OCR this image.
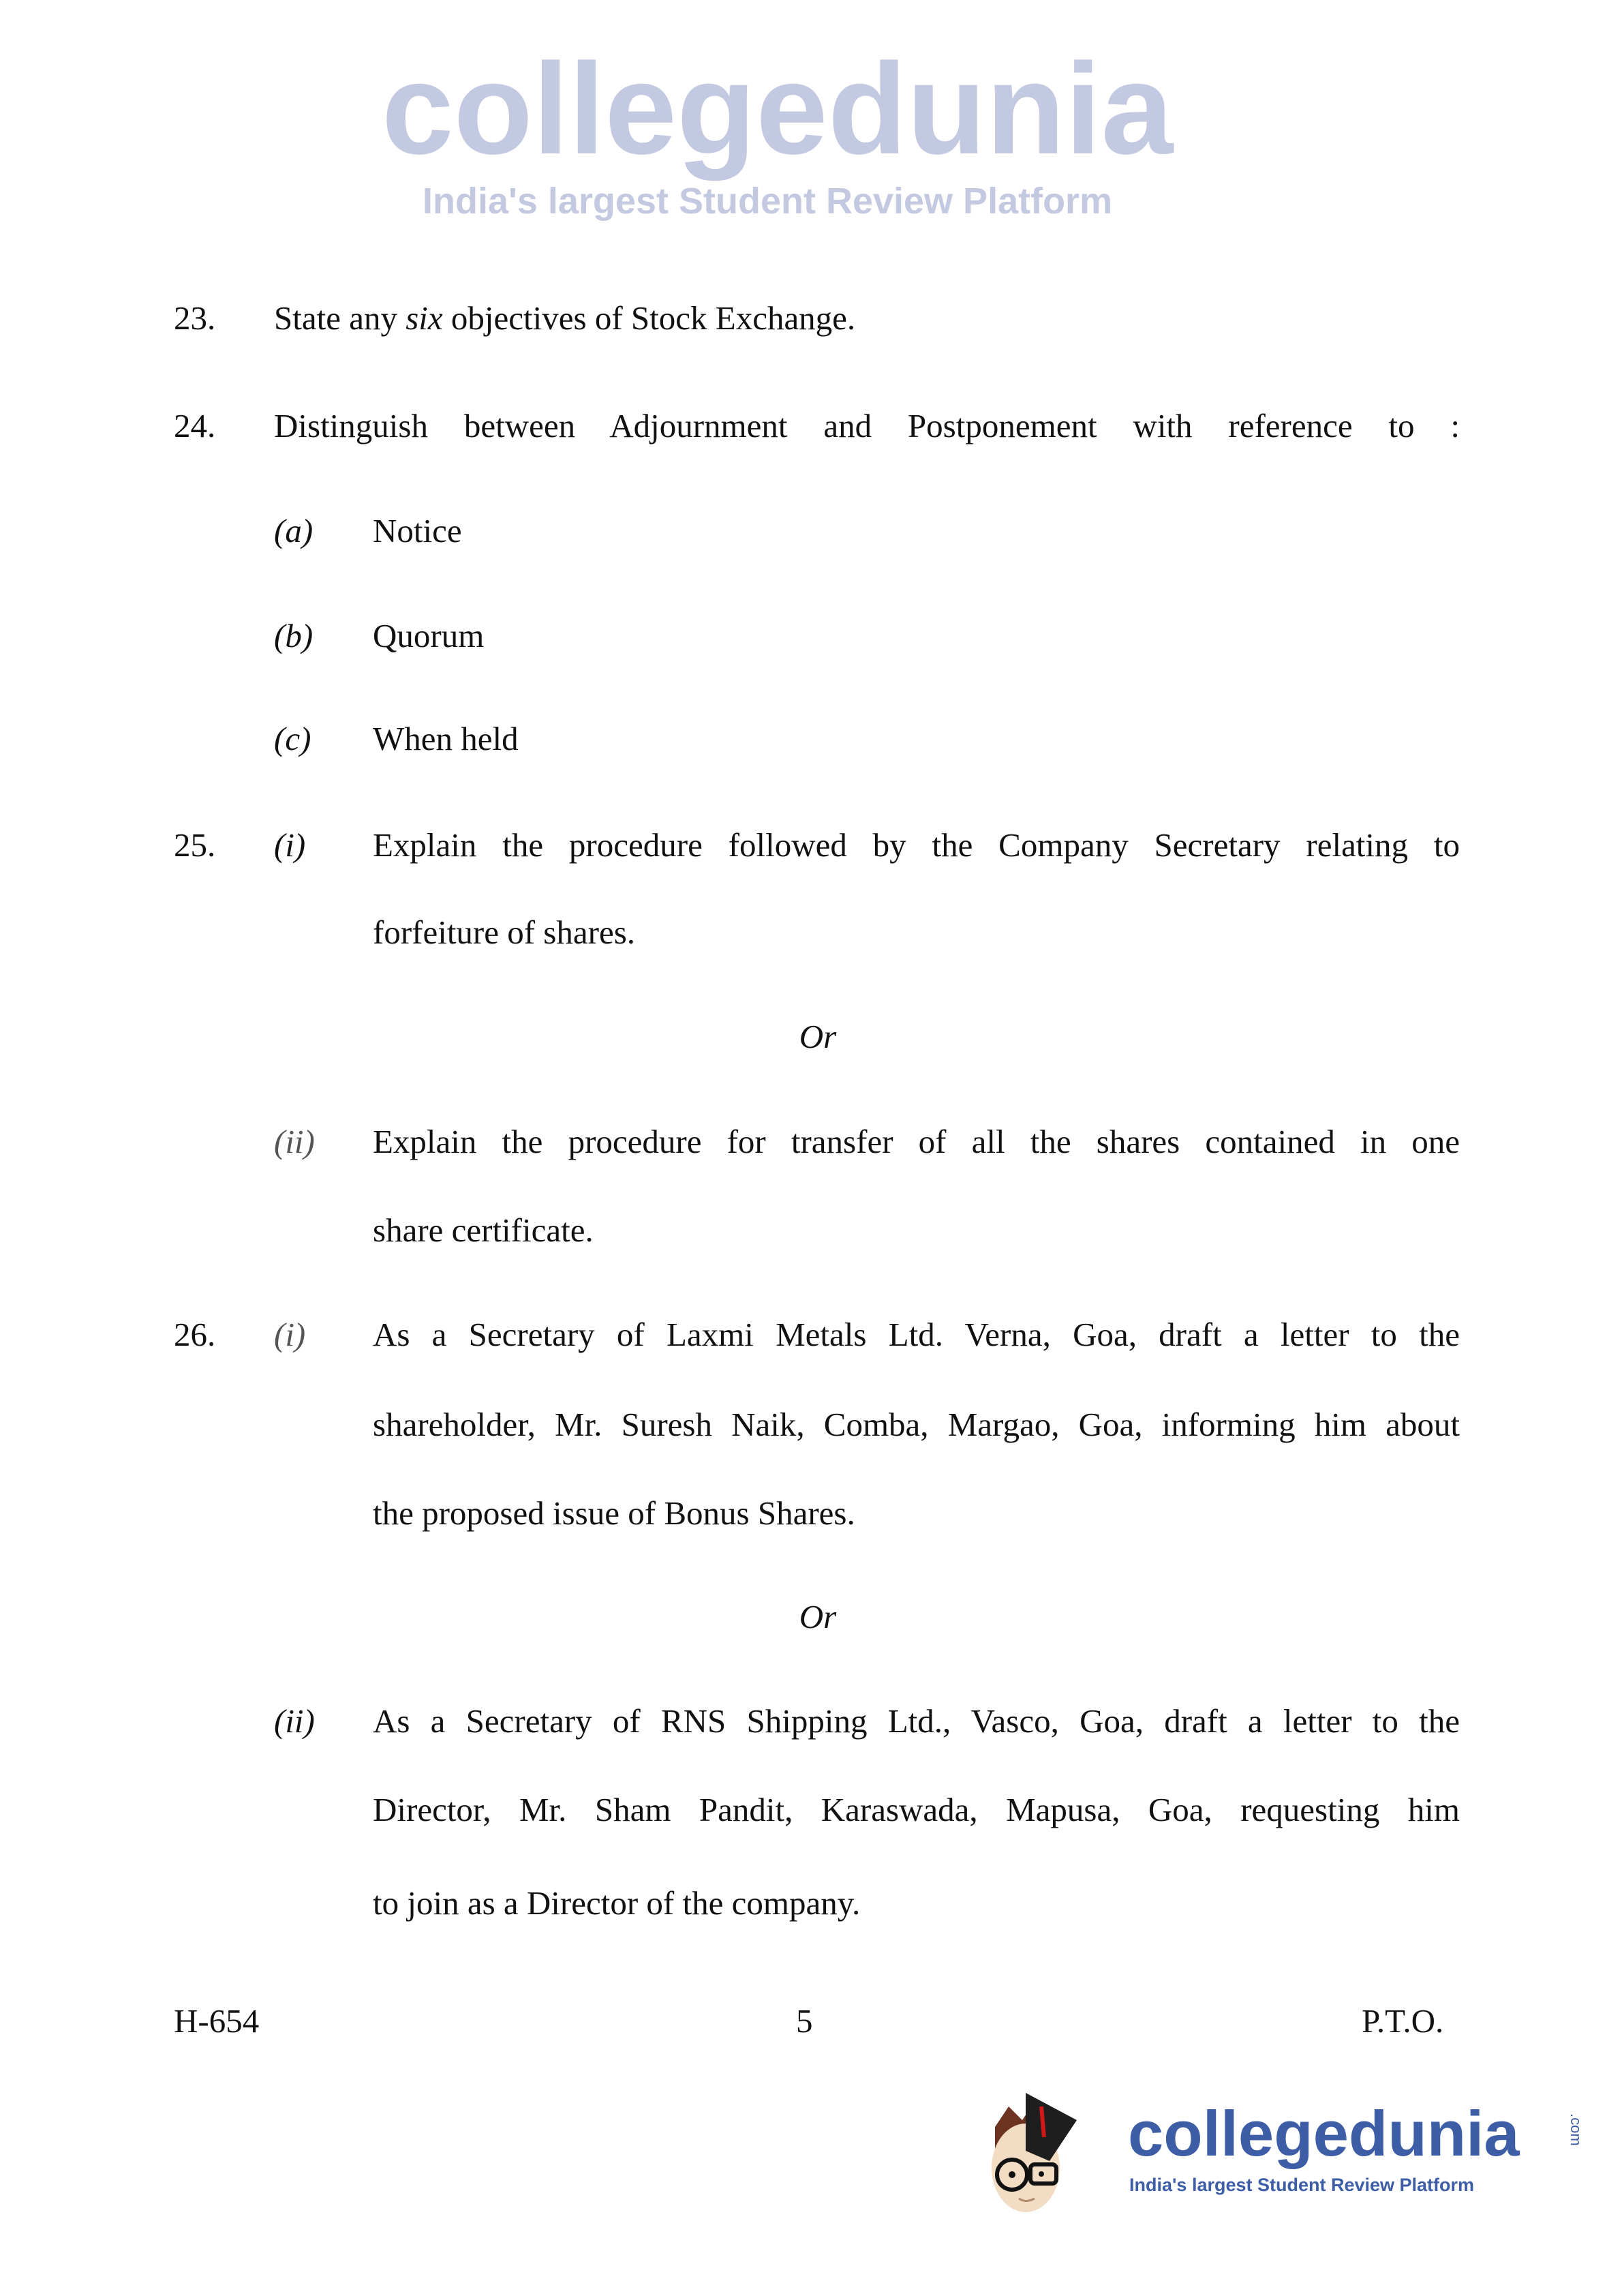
collegedunia
India's largest Student Review Platform
23. State any six objectives of Stock Exchange.
24. Distinguish between Adjournment and Postponement with reference to :
(a) Notice
(b) Quorum
(c) When held
25. (i) Explain the procedure followed by the Company Secretary relating to
forfeiture of shares.
Or
(ii) Explain the procedure for transfer of all the shares contained in one
share certificate.
26. (i) As a Secretary of Laxmi Metals Ltd. Verna, Goa, draft a letter to the
shareholder, Mr. Suresh Naik, Comba, Margao, Goa, informing him about
the proposed issue of Bonus Shares.
Or
(ii) As a Secretary of RNS Shipping Ltd., Vasco, Goa, draft a letter to the
Director, Mr. Sham Pandit, Karaswada, Mapusa, Goa, requesting him
to join as a Director of the company.
H-654	5	P.T.O.
collegedunia	.com
India's largest Student Review Platform
